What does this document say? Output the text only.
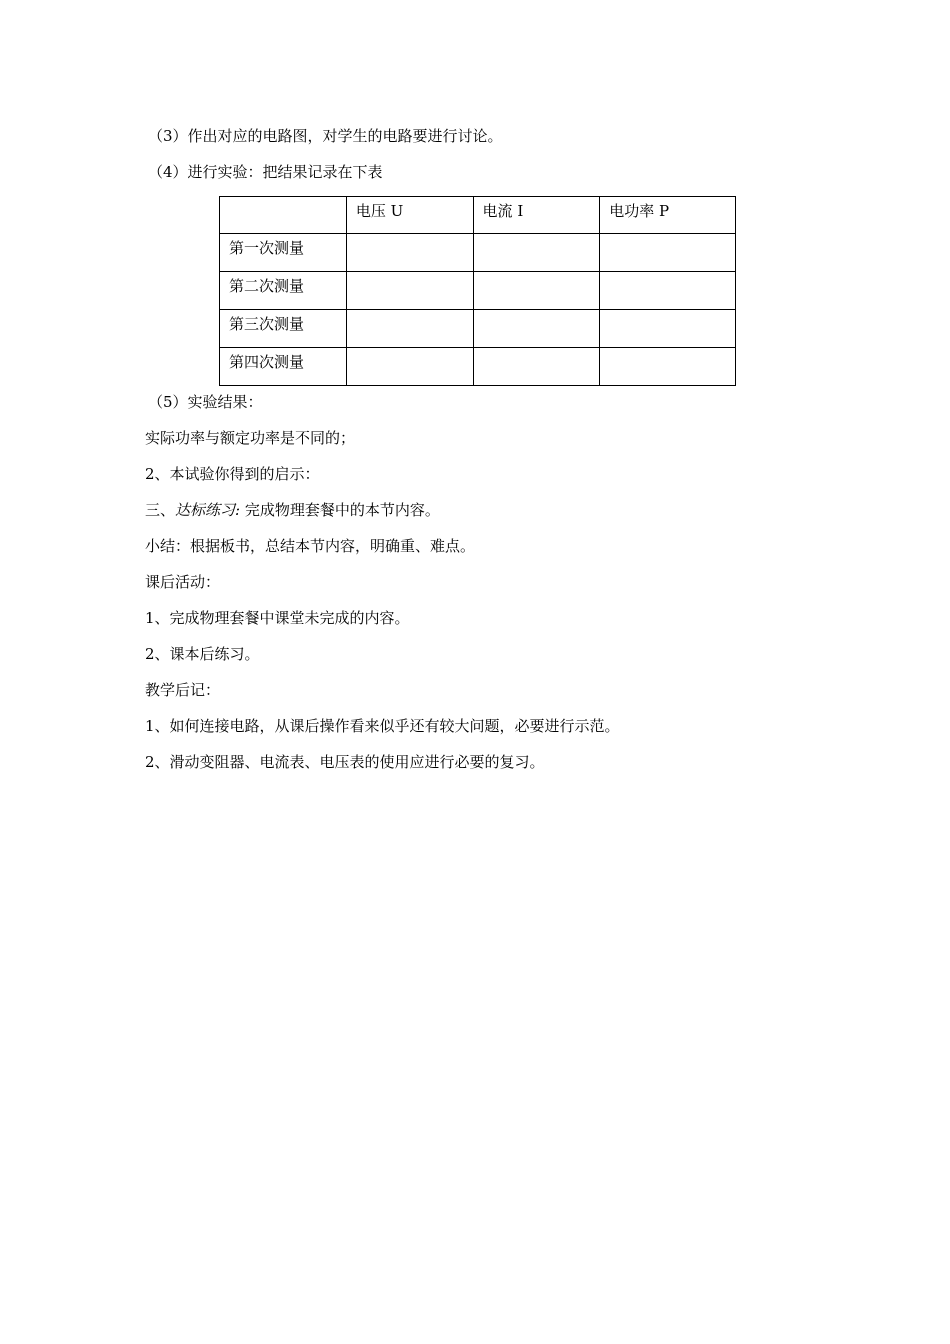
（3）作出对应的电路图，对学生的电路要进行讨论。
（4）进行实验：把结果记录在下表
	电压 U	电流 I	电功率 P
第一次测量			
第二次测量			
第三次测量			
第四次测量			
（5）实验结果：
实际功率与额定功率是不同的；
2、本试验你得到的启示：
三、达标练习: 完成物理套餐中的本节内容。
小结：根据板书，总结本节内容，明确重、难点。
课后活动：
1、完成物理套餐中课堂未完成的内容。
2、课本后练习。
教学后记：
1、如何连接电路，从课后操作看来似乎还有较大问题，必要进行示范。
2、滑动变阻器、电流表、电压表的使用应进行必要的复习。
